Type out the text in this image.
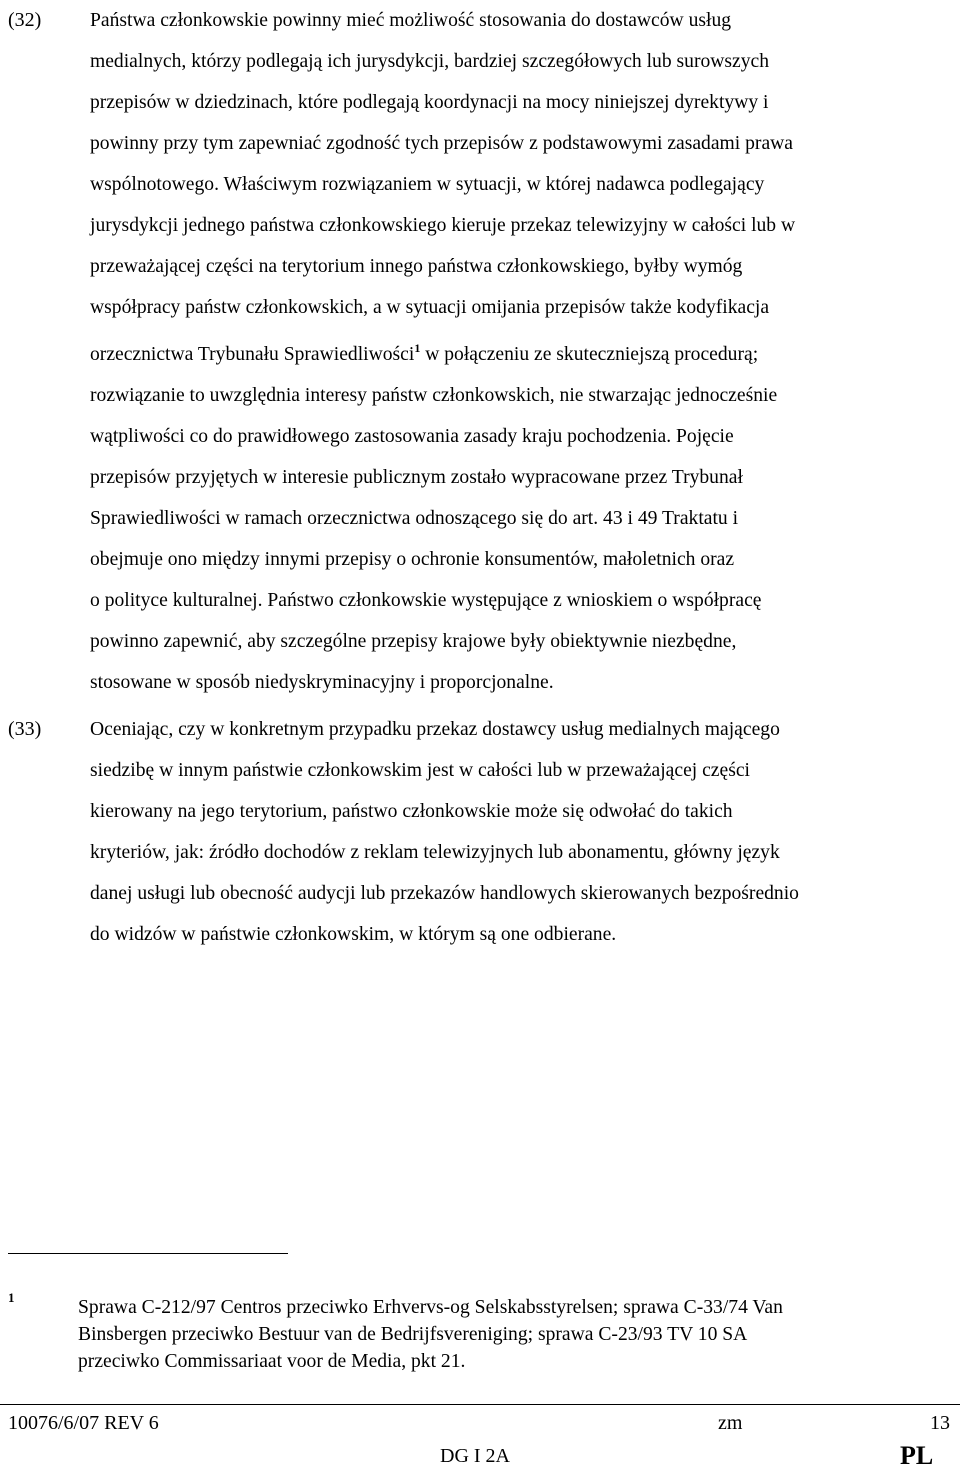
(32) Państwa członkowskie powinny mieć możliwość stosowania do dostawców usług
medialnych, którzy podlegają ich jurysdykcji, bardziej szczegółowych lub surowszych
przepisów w dziedzinach, które podlegają koordynacji na mocy niniejszej dyrektywy i
powinny przy tym zapewniać zgodność tych przepisów z podstawowymi zasadami prawa
wspólnotowego. Właściwym rozwiązaniem w sytuacji, w której nadawca podlegający
jurysdykcji jednego państwa członkowskiego kieruje przekaz telewizyjny w całości lub w
przeważającej części na terytorium innego państwa członkowskiego, byłby wymóg
współpracy państw członkowskich, a w sytuacji omijania przepisów także kodyfikacja
orzecznictwa Trybunału Sprawiedliwości$^1$ w połączeniu ze skuteczniejszą procedurą;
rozwiązanie to uwzględnia interesy państw członkowskich, nie stwarzając jednocześnie
wątpliwości co do prawidłowego zastosowania zasady kraju pochodzenia. Pojęcie
przepisów przyjętych w interesie publicznym zostało wypracowane przez Trybunał
Sprawiedliwości w ramach orzecznictwa odnoszącego się do art. 43 i 49 Traktatu i
obejmuje ono między innymi przepisy o ochronie konsumentów, małoletnich oraz
o polityce kulturalnej. Państwo członkowskie występujące z wnioskiem o współpracę
powinno zapewnić, aby szczególne przepisy krajowe były obiektywnie niezbędne,
stosowane w sposób niedyskryminacyjny i proporcjonalne.
(33) Oceniając, czy w konkretnym przypadku przekaz dostawcy usług medialnych mającego
siedzibę w innym państwie członkowskim jest w całości lub w przeważającej części
kierowany na jego terytorium, państwo członkowskie może się odwołać do takich
kryteriów, jak: źródło dochodów z reklam telewizyjnych lub abonamentu, główny język
danej usługi lub obecność audycji lub przekazów handlowych skierowanych bezpośrednio
do widzów w państwie członkowskim, w którym są one odbierane.
1	Sprawa C-212/97 Centros przeciwko Erhvervs-og Selskabsstyrelsen; sprawa C-33/74 Van
Binsbergen przeciwko Bestuur van de Bedrijfsvereniging; sprawa C-23/93 TV 10 SA
przeciwko Commissariaat voor de Media, pkt 21.
10076/6/07 REV 6	zm	13
DG I 2A	PL
